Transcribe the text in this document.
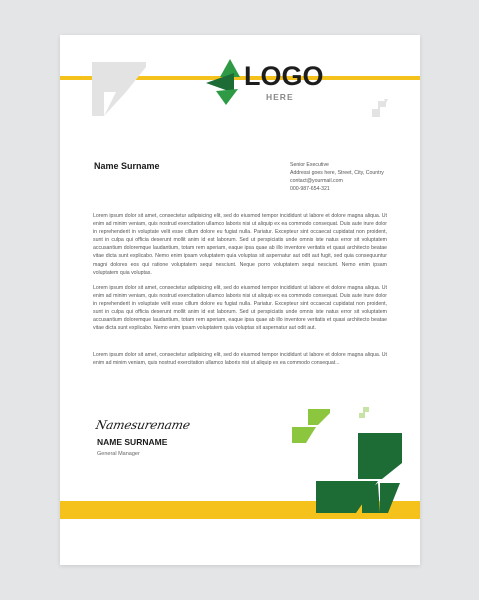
LOGO
HERE
Name Surname	Senior Executive
Addressi goes here, Street, City, Country
contact@yourmail.com
000-987-654-321
Lorem ipsum dolor sit amet, consectetur adipisicing elit, sed do eiusmod tempor incididunt ut labore et dolore magna aliqua. Ut enim ad minim veniam, quis nostrud exercitation ullamco laboris nisi ut aliquip ex ea commodo consequat. Duis aute irure dolor in reprehenderit in voluptate velit esse cillum dolore eu fugiat nulla. Pariatur. Excepteur sint occaecat cupidatat non proident, sunt in culpa qui officia deserunt mollit anim id est laborum. Sed ut perspiciatis unde omnis iste natus error sit voluptatem accusantium doloremque laudantium, totam rem aperiam, eaque ipsa quae ab illo inventore veritatis et quasi architecto beatae vitae dicta sunt explicabo. Nemo enim ipsam voluptatem quia voluptas sit aspernatur aut odit aut fugit, sed quia consequuntur magni dolores eos qui ratione voluptatem sequi nesciunt. Neque porro voluptatem sequi nesciunt. Nemo enim ipsam voluptatem quia voluptas.
Lorem ipsum dolor sit amet, consectetur adipisicing elit, sed do eiusmod tempor incididunt ut labore et dolore magna aliqua. Ut enim ad minim veniam, quis nostrud exercitation ullamco laboris nisi ut aliquip ex ea commodo consequat. Duis aute irure dolor in reprehenderit in voluptate velit esse cillum dolore eu fugiat nulla. Pariatur. Excepteur sint occaecat cupidatat non proident, sunt in culpa qui officia deserunt mollit anim id est laborum. Sed ut perspiciatis unde omnis iste natus error sit voluptatem accusantium doloremque laudantium, totam rem aperiam, eaque ipsa quae ab illo inventore veritatis et quasi architecto beatae vitae dicta sunt explicabo. Nemo enim ipsam voluptatem quia voluptas sit aspernatur aut odit aut.
Lorem ipsum dolor sit amet, consectetur adipisicing elit, sed do eiusmod tempor incididunt ut labore et dolore magna aliqua. Ut enim ad minim veniam, quis nostrud exercitation ullamco laboris nisi ut aliquip ex ea commodo consequat...
Namesurename
NAME SURNAME
General Manager
